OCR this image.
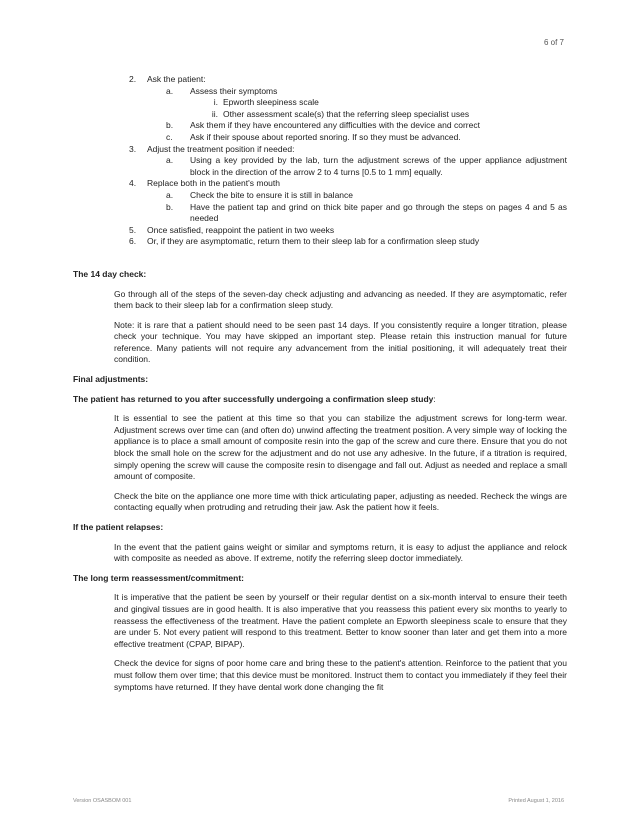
6 of 7
2.	Ask the patient:
a.	Assess their symptoms
i. Epworth sleepiness scale
ii. Other assessment scale(s) that the referring sleep specialist uses
b.	Ask them if they have encountered any difficulties with the device and correct
c.	Ask if their spouse about reported snoring. If so they must be advanced.
3.	Adjust the treatment position if needed:
a.	Using a key provided by the lab, turn the adjustment screws of the upper appliance adjustment block in the direction of the arrow 2 to 4 turns [0.5 to 1 mm] equally.
4.	Replace both in the patient's mouth
a.	Check the bite to ensure it is still in balance
b.	Have the patient tap and grind on thick bite paper and go through the steps on pages 4 and 5 as needed
5.	Once satisfied, reappoint the patient in two weeks
6.	Or, if they are asymptomatic, return them to their sleep lab for a confirmation sleep study
The 14 day check:
Go through all of the steps of the seven-day check adjusting and advancing as needed. If they are asymptomatic, refer them back to their sleep lab for a confirmation sleep study.
Note: it is rare that a patient should need to be seen past 14 days. If you consistently require a longer titration, please check your technique. You may have skipped an important step. Please retain this instruction manual for future reference. Many patients will not require any advancement from the initial positioning, it will adequately treat their condition.
Final adjustments:
The patient has returned to you after successfully undergoing a confirmation sleep study:
It is essential to see the patient at this time so that you can stabilize the adjustment screws for long-term wear. Adjustment screws over time can (and often do) unwind affecting the treatment position. A very simple way of locking the appliance is to place a small amount of composite resin into the gap of the screw and cure there. Ensure that you do not block the small hole on the screw for the adjustment and do not use any adhesive. In the future, if a titration is required, simply opening the screw will cause the composite resin to disengage and fall out. Adjust as needed and replace a small amount of composite.
Check the bite on the appliance one more time with thick articulating paper, adjusting as needed. Recheck the wings are contacting equally when protruding and retruding their jaw. Ask the patient how it feels.
If the patient relapses:
In the event that the patient gains weight or similar and symptoms return, it is easy to adjust the appliance and relock with composite as needed as above. If extreme, notify the referring sleep doctor immediately.
The long term reassessment/commitment:
It is imperative that the patient be seen by yourself or their regular dentist on a six-month interval to ensure their teeth and gingival tissues are in good health. It is also imperative that you reassess this patient every six months to yearly to reassess the effectiveness of the treatment. Have the patient complete an Epworth sleepiness scale to ensure that they are under 5. Not every patient will respond to this treatment. Better to know sooner than later and get them into a more effective treatment (CPAP, BIPAP).
Check the device for signs of poor home care and bring these to the patient's attention. Reinforce to the patient that you must follow them over time; that this device must be monitored. Instruct them to contact you immediately if they feel their symptoms have returned. If they have dental work done changing the fit
Version OSASBOM 001	Printed August 1, 2016
